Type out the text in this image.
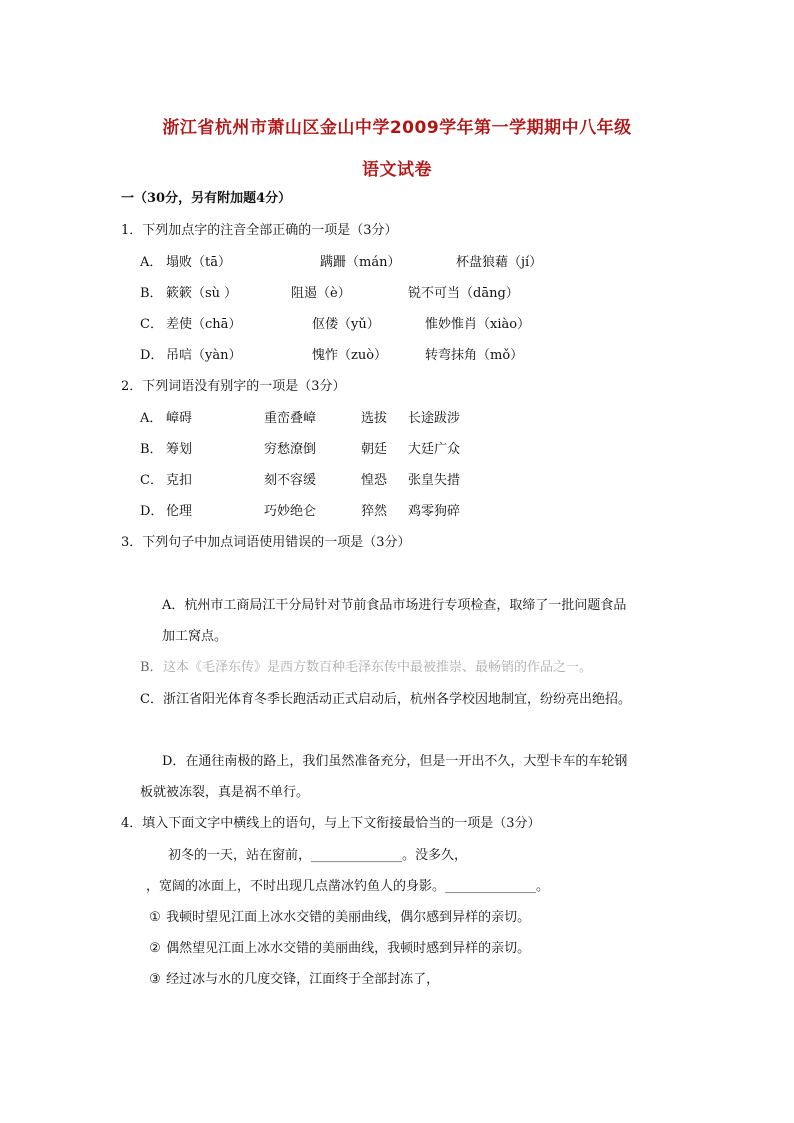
浙江省杭州市萧山区金山中学2009学年第一学期期中八年级
语文试卷
一（30分，另有附加题4分）
1．下列加点字的注音全部正确的一项是（3分）
A． 塌败（tā）	蹒跚（mán）	杯盘狼藉（jí）
B． 簌簌（sù ）	阻遏（è）	锐不可当（dāng）
C． 差使（chā）	伛偻（yǔ）	惟妙惟肖（xiào）
D． 吊唁（yàn）	愧怍（zuò）	转弯抹角（mǒ）
2．下列词语没有别字的一项是（3分）
A． 嶂碍	重峦叠嶂	选拔 长途跋涉
B． 筹划	穷愁潦倒	朝廷 大廷广众
C． 克扣	刻不容缓	惶恐 张皇失措
D． 伦理	巧妙绝仑	猝然 鸡零狗碎
3．下列句子中加点词语使用错误的一项是（3分）
A．杭州市工商局江干分局针对节前食品市场进行专项检查，取缔了一批问题食品
加工窝点。
B． 这本《毛泽东传》是西方数百种毛泽东传中最被推崇、最畅销的作品之一。
C．浙江省阳光体育冬季长跑活动正式启动后，杭州各学校因地制宜，纷纷亮出绝招。
D．在通往南极的路上，我们虽然准备充分，但是一开出不久，大型卡车的车轮钢
板就被冻裂，真是祸不单行。
4．填入下面文字中横线上的语句，与上下文衔接最恰当的一项是（3分）
初冬的一天，站在窗前，______________。没多久，
，宽阔的冰面上，不时出现几点凿冰钓鱼人的身影。______________。
① 我顿时望见江面上冰水交错的美丽曲线，偶尔感到异样的亲切。
② 偶然望见江面上冰水交错的美丽曲线，我顿时感到异样的亲切。
③ 经过冰与水的几度交锋，江面终于全部封冻了，
